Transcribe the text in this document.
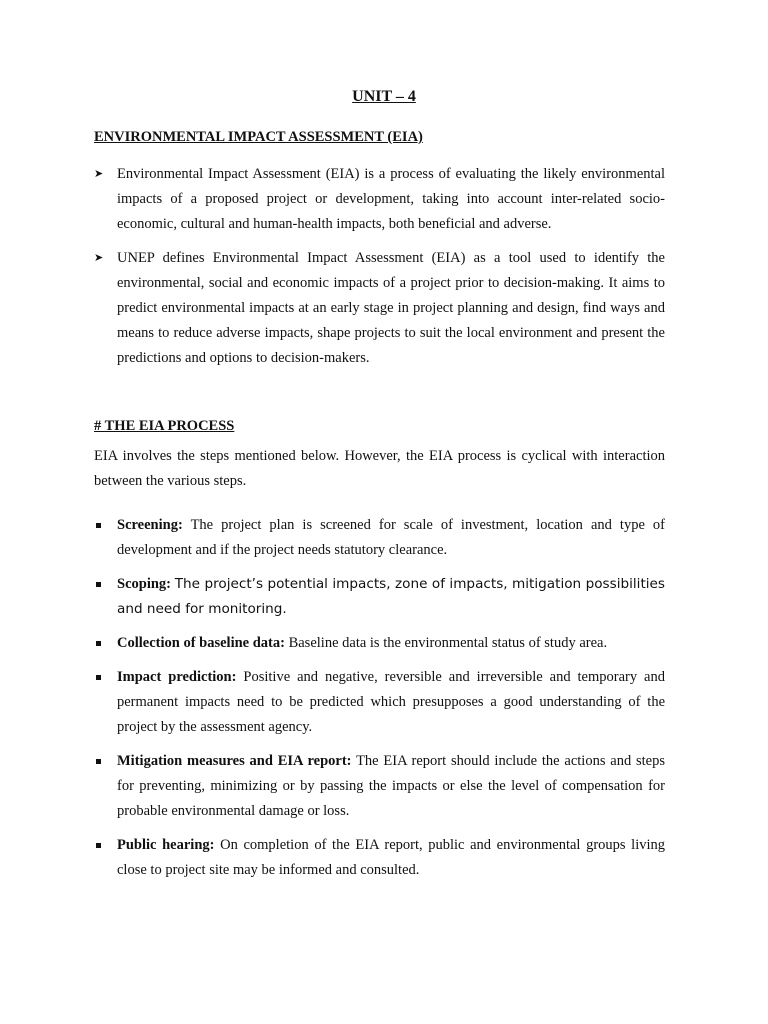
UNIT – 4
ENVIRONMENTAL IMPACT ASSESSMENT (EIA)
➤ Environmental Impact Assessment (EIA) is a process of evaluating the likely environmental impacts of a proposed project or development, taking into account inter-related socio-economic, cultural and human-health impacts, both beneficial and adverse.
➤ UNEP defines Environmental Impact Assessment (EIA) as a tool used to identify the environmental, social and economic impacts of a project prior to decision-making. It aims to predict environmental impacts at an early stage in project planning and design, find ways and means to reduce adverse impacts, shape projects to suit the local environment and present the predictions and options to decision-makers.
# THE EIA PROCESS

EIA involves the steps mentioned below. However, the EIA process is cyclical with interaction between the various steps.

Screening: The project plan is screened for scale of investment, location and type of development and if the project needs statutory clearance.
Scoping: The project’s potential impacts, zone of impacts, mitigation possibilities and need for monitoring.
Collection of baseline data: Baseline data is the environmental status of study area.
Impact prediction: Positive and negative, reversible and irreversible and temporary and permanent impacts need to be predicted which presupposes a good understanding of the project by the assessment agency.
Mitigation measures and EIA report: The EIA report should include the actions and steps for preventing, minimizing or by passing the impacts or else the level of compensation for probable environmental damage or loss.
Public hearing: On completion of the EIA report, public and environmental groups living close to project site may be informed and consulted.
